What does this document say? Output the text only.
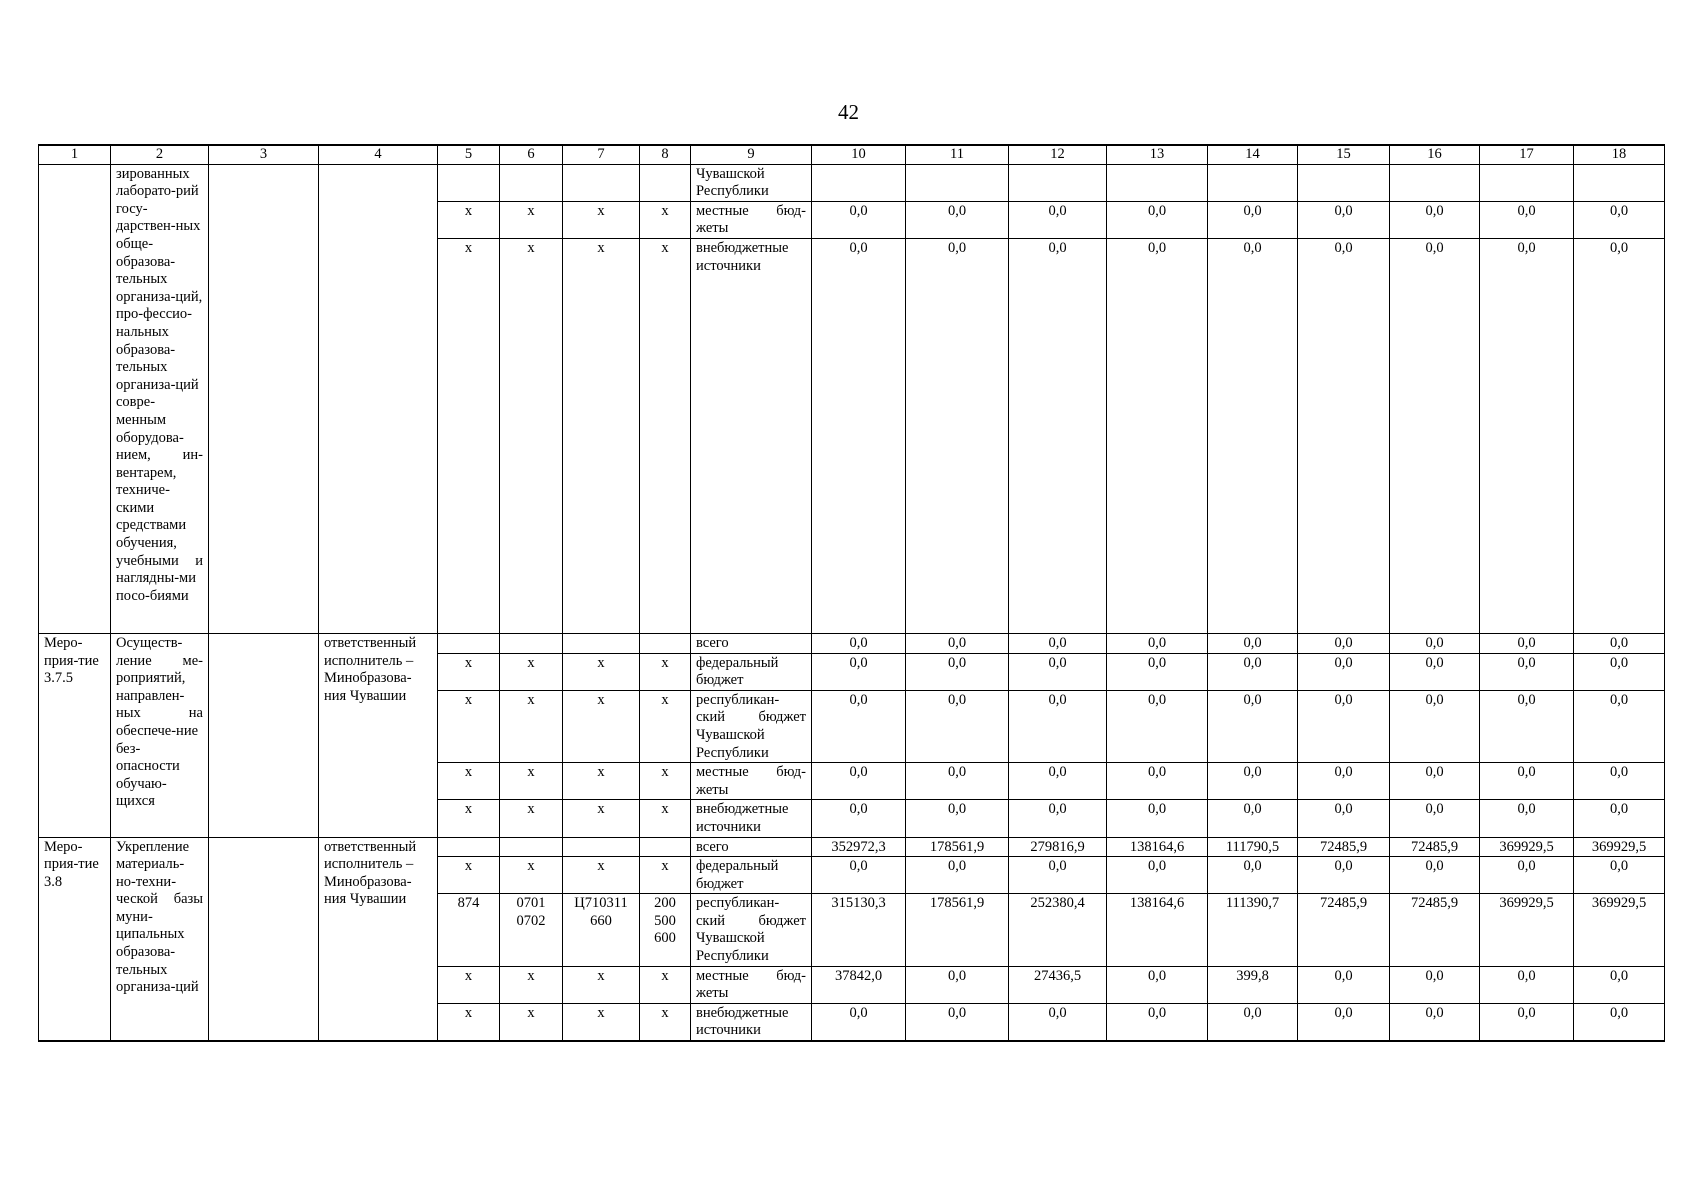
42
1	2	3	4	5	6	7	8	9	10	11	12	13	14	15	16	17	18
	зированных лаборато-рий госу-дарствен-ных обще-образова-тельных организа-ций, про-фессио-нальных образова-тельных организа-ций совре-менным оборудова-нием, ин-вентарем, техниче-скими средствами обучения, учебными и наглядны-ми посо-биями							Чувашской Республики									
				x	x	x	x	местные бюд-жеты	0,0	0,0	0,0	0,0	0,0	0,0	0,0	0,0	0,0
				x	x	x	x	внебюджетные источники	0,0	0,0	0,0	0,0	0,0	0,0	0,0	0,0	0,0
Меро-прия-тие 3.7.5	Осуществ-ление ме-роприятий, направлен-ных на обеспече-ние без-опасности обучаю-щихся		ответственный исполнитель – Минобразова-ния Чувашии					всего	0,0	0,0	0,0	0,0	0,0	0,0	0,0	0,0	0,0
				x	x	x	x	федеральный бюджет	0,0	0,0	0,0	0,0	0,0	0,0	0,0	0,0	0,0
				x	x	x	x	республикан-ский бюджет Чувашской Республики	0,0	0,0	0,0	0,0	0,0	0,0	0,0	0,0	0,0
				x	x	x	x	местные бюд-жеты	0,0	0,0	0,0	0,0	0,0	0,0	0,0	0,0	0,0
				x	x	x	x	внебюджетные источники	0,0	0,0	0,0	0,0	0,0	0,0	0,0	0,0	0,0
Меро-прия-тие 3.8	Укрепление материаль-но-техни-ческой базы муни-ципальных образова-тельных организа-ций		ответственный исполнитель – Минобразова-ния Чувашии					всего	352972,3	178561,9	279816,9	138164,6	111790,5	72485,9	72485,9	369929,5	369929,5
				x	x	x	x	федеральный бюджет	0,0	0,0	0,0	0,0	0,0	0,0	0,0	0,0	0,0
				874	0701 0702	Ц710311 660	200 500 600	республикан-ский бюджет Чувашской Республики	315130,3	178561,9	252380,4	138164,6	111390,7	72485,9	72485,9	369929,5	369929,5
				x	x	x	x	местные бюд-жеты	37842,0	0,0	27436,5	0,0	399,8	0,0	0,0	0,0	0,0
				x	x	x	x	внебюджетные источники	0,0	0,0	0,0	0,0	0,0	0,0	0,0	0,0	0,0
